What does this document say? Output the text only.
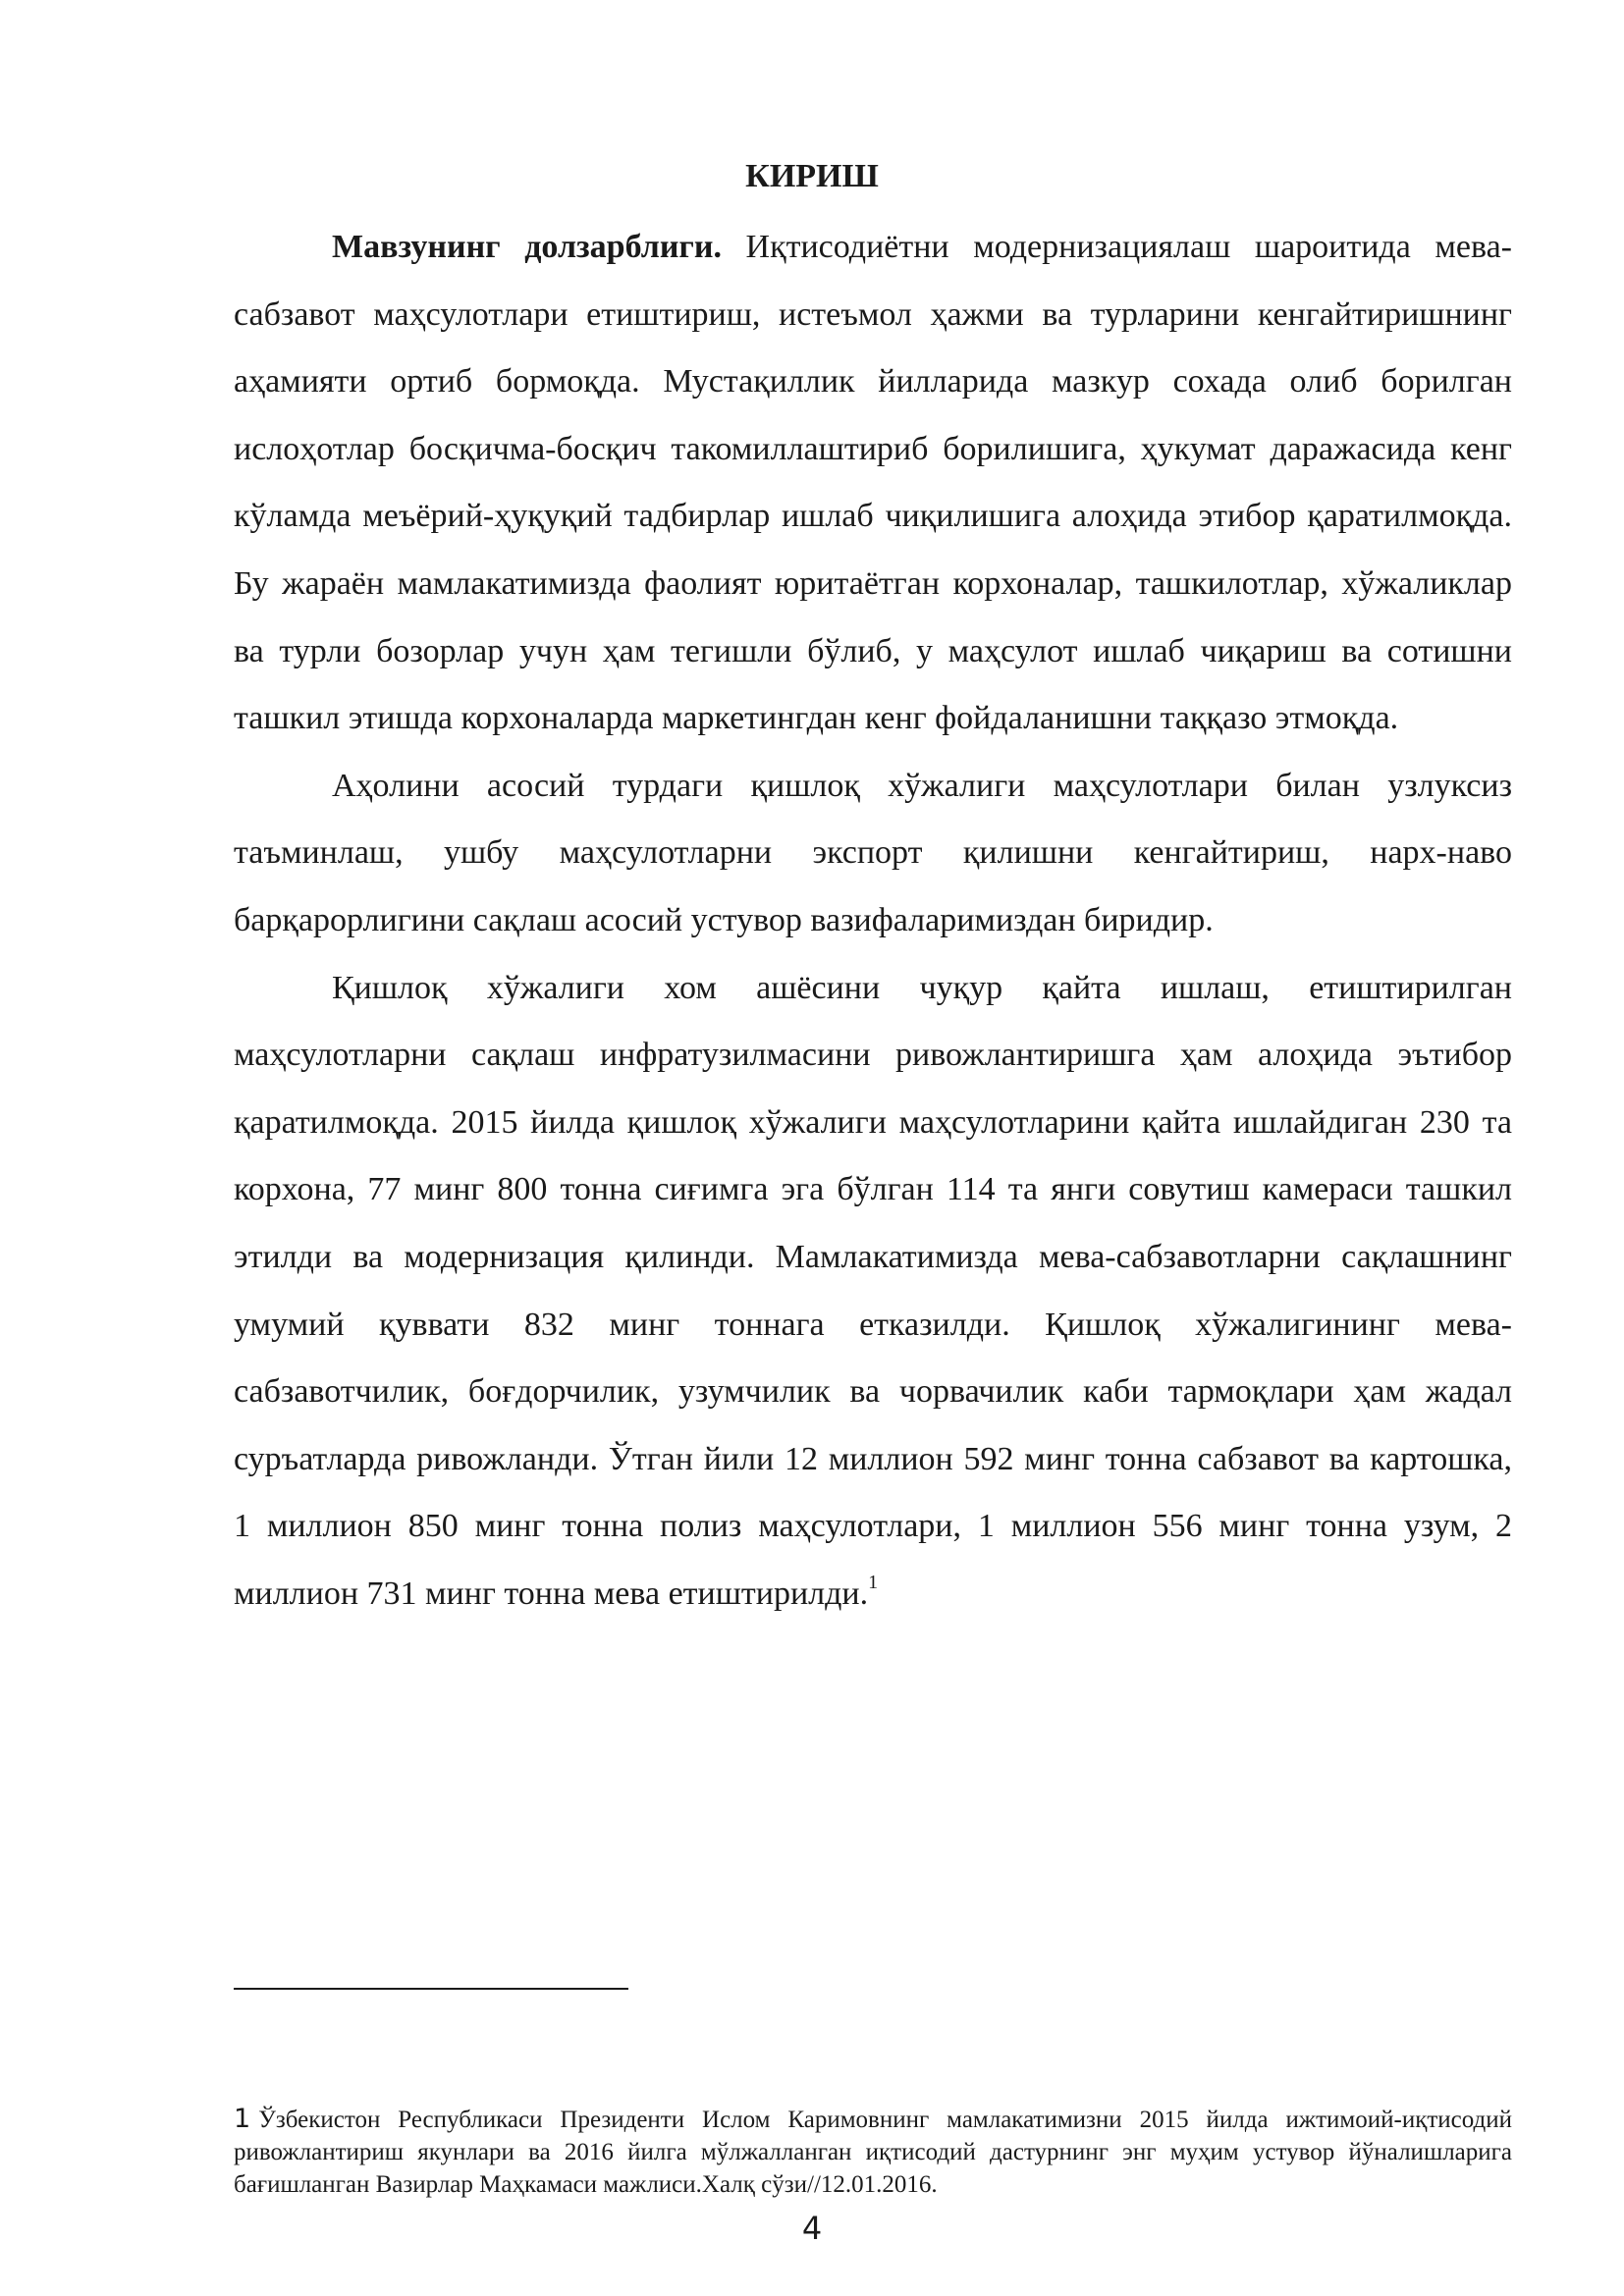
КИРИШ

Мавзунинг долзарблиги. Иқтисодиётни модернизациялаш шароитида мева-сабзавот маҳсулотлари етиштириш, истеъмол ҳажми ва турларини кенгайтиришнинг аҳамияти ортиб бормоқда. Мустақиллик йилларида мазкур сохада олиб борилган ислоҳотлар босқичма-босқич такомиллаштириб борилишига, ҳукумат даражасида кенг кўламда меъёрий-ҳуқуқий тадбирлар ишлаб чиқилишига алоҳида этибор қаратилмоқда. Бу жараён мамлакатимизда фаолият юритаётган корхоналар, ташкилотлар, хўжаликлар ва турли бозорлар учун ҳам тегишли бўлиб, у маҳсулот ишлаб чиқариш ва сотишни ташкил этишда корхоналарда маркетингдан кенг фойдаланишни таққазо этмоқда.

Аҳолини асосий турдаги қишлоқ хўжалиги маҳсулотлари билан узлуксиз таъминлаш, ушбу маҳсулотларни экспорт қилишни кенгайтириш, нарх-наво барқарорлигини сақлаш асосий устувор вазифаларимиздан биридир.

Қишлоқ хўжалиги хом ашёсини чуқур қайта ишлаш, етиштирилган маҳсулотларни сақлаш инфратузилмасини ривожлантиришга ҳам алоҳида эътибор қаратилмоқда. 2015 йилда қишлоқ хўжалиги маҳсулотларини қайта ишлайдиган 230 та корхона, 77 минг 800 тонна сиғимга эга бўлган 114 та янги совутиш камераси ташкил этилди ва модернизация қилинди. Мамлакатимизда мева-сабзавотларни сақлашнинг умумий қуввати 832 минг тоннага етказилди. Қишлоқ хўжалигининг мева-сабзавотчилик, боғдорчилик, узумчилик ва чорвачилик каби тармоқлари ҳам жадал суръатларда ривожланди. Ўтган йили 12 миллион 592 минг тонна сабзавот ва картошка, 1 миллион 850 минг тонна полиз маҳсулотлари, 1 миллион 556 минг тонна узум, 2 миллион 731 минг тонна мева етиштирилди.$^1$

1 Ўзбекистон Республикаси Президенти Ислом Каримовнинг мамлакатимизни 2015 йилда ижтимоий-иқтисодий ривожлантириш якунлари ва 2016 йилга мўлжалланган иқтисодий дастурнинг энг муҳим устувор йўналишларига бағишланган Вазирлар Маҳкамаси мажлиси.Халқ сўзи//12.01.2016.
4
